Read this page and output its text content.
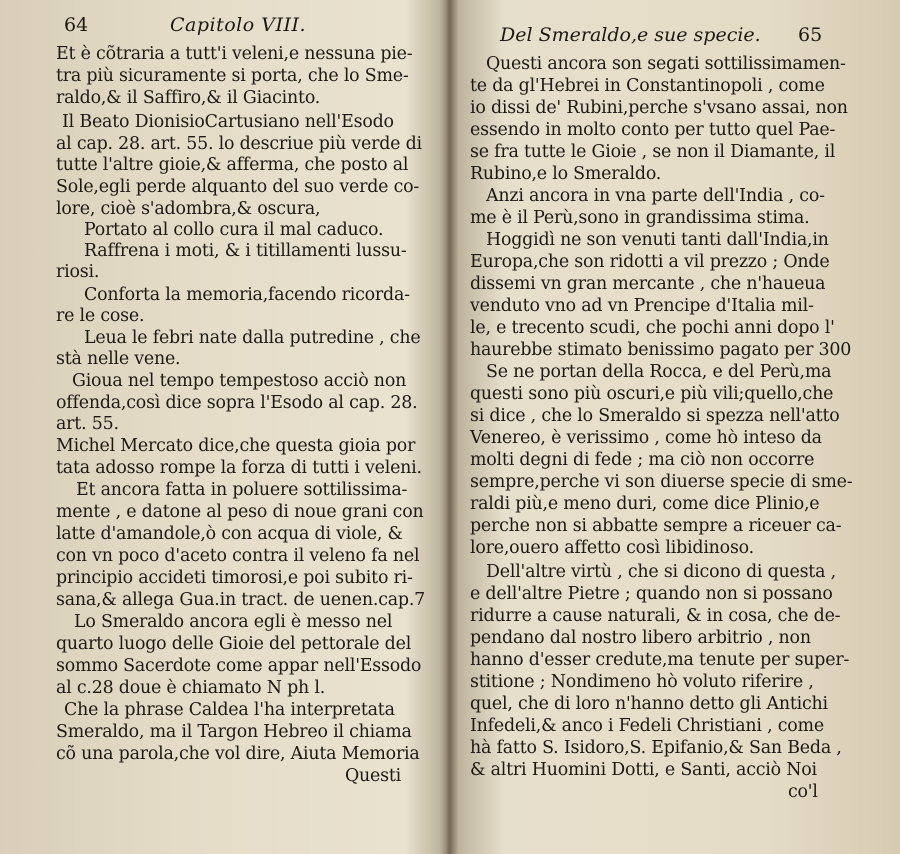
64	Capitolo VIII.
Et è cõtraria a tutt'i veleni,e nessuna pie-
tra più sicuramente si porta, che lo Sme-
raldo,& il Saffiro,& il Giacinto.
Il Beato DionisioCartusiano nell'Esodo
al cap. 28. art. 55. lo descriue più verde di
tutte l'altre gioie,& afferma, che posto al
Sole,egli perde alquanto del suo verde co-
lore, cioè s'adombra,& oscura,
Portato al collo cura il mal caduco.
Raffrena i moti, & i titillamenti lussu-
riosi.
Conforta la memoria,facendo ricorda-
re le cose.
Leua le febri nate dalla putredine , che
stà nelle vene.
Gioua nel tempo tempestoso acciò non
offenda,così dice sopra l'Esodo al cap. 28.
art. 55.
Michel Mercato dice,che questa gioia por
tata adosso rompe la forza di tutti i veleni.
Et ancora fatta in poluere sottilissima-
mente , e datone al peso di noue grani con
latte d'amandole,ò con acqua di viole, &
con vn poco d'aceto contra il veleno fa nel
principio accideti timorosi,e poi subito ri-
sana,& allega Gua.in tract. de uenen.cap.7
Lo Smeraldo ancora egli è messo nel
quarto luogo delle Gioie del pettorale del
sommo Sacerdote come appar nell'Essodo
al c.28 doue è chiamato N ph l.
Che la phrase Caldea l'ha interpretata
Smeraldo, ma il Targon Hebreo il chiama
cõ una parola,che vol dire, Aiuta Memoria
Questi
Del Smeraldo,e sue specie. 65
Questi ancora son segati sottilissimamen-
te da gl'Hebrei in Constantinopoli , come
io dissi de' Rubini,perche s'vsano assai, non
essendo in molto conto per tutto quel Pae-
se fra tutte le Gioie , se non il Diamante, il
Rubino,e lo Smeraldo.
Anzi ancora in vna parte dell'India , co-
me è il Perù,sono in grandissima stima.
Hoggidì ne son venuti tanti dall'India,in
Europa,che son ridotti a vil prezzo ; Onde
dissemi vn gran mercante , che n'haueua
venduto vno ad vn Prencipe d'Italia mil-
le, e trecento scudi, che pochi anni dopo l'
haurebbe stimato benissimo pagato per 300
Se ne portan della Rocca, e del Perù,ma
questi sono più oscuri,e più vili;quello,che
si dice , che lo Smeraldo si spezza nell'atto
Venereo, è verissimo , come hò inteso da
molti degni di fede ; ma ciò non occorre
sempre,perche vi son diuerse specie di sme-
raldi più,e meno duri, come dice Plinio,e
perche non si abbatte sempre a riceuer ca-
lore,ouero affetto così libidinoso.
Dell'altre virtù , che si dicono di questa ,
e dell'altre Pietre ; quando non si possano
ridurre a cause naturali, & in cosa, che de-
pendano dal nostro libero arbitrio , non
hanno d'esser credute,ma tenute per super-
stitione ; Nondimeno hò voluto riferire ,
quel, che di loro n'hanno detto gli Antichi
Infedeli,& anco i Fedeli Christiani , come
hà fatto S. Isidoro,S. Epifanio,& San Beda ,
& altri Huomini Dotti, e Santi, acciò Noi
co'l
